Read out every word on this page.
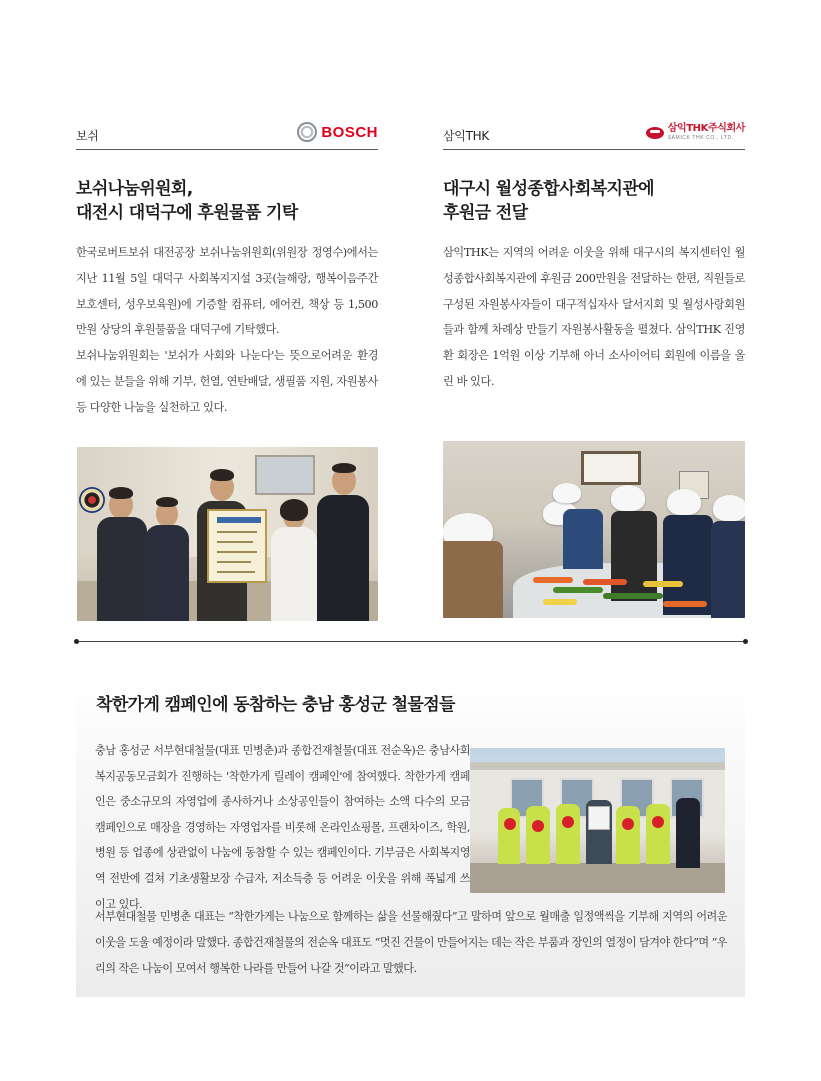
보쉬	BOSCH
보쉬나눔위원회,
대전시 대덕구에 후원물품 기탁

한국로버트보쉬 대전공장 보쉬나눔위원회(위원장 정영수)에서는 지난 11월 5일 대덕구 사회복지지설 3곳(늘해랑, 행복이음주간보호센터, 성우보육원)에 기증할 컴퓨터, 에어컨, 책상 등 1,500만원 상당의 후원물품을 대덕구에 기탁했다.

보쉬나눔위원회는 '보쉬가 사회와 나눈다'는 뜻으로어려운 환경에 있는 분들을 위해 기부, 헌열, 연탄배달, 생필품 지원, 자원봉사 등 다양한 나눔을 실천하고 있다.

삼익THK
삼익THK주식회사
SAMICK THK CO., LTD.
대구시 월성종합사회복지관에
후원금 전달

삼익THK는 지역의 어려운 이웃을 위해 대구시의 복지센터인 월성종합사회복지관에 후원금 200만원을 전달하는 한편, 직원들로 구성된 자원봉사자들이 대구적십자사 달서지회 및 월성사랑회원들과 함께 차례상 만들기 자원봉사활동을 펼쳤다. 삼익THK 진영환 회장은 1억원 이상 기부해 아너 소사이어티 회원에 이름을 올린 바 있다.

착한가게 캠페인에 동참하는 충남 홍성군 철물점들
충남 홍성군 서부현대철물(대표 민병춘)과 종합건재철물(대표 전순옥)은 충남사회복지공동모금회가 진행하는 '착한가게 릴레이 캠페인'에 참여했다. 착한가게 캠페인은 중소규모의 자영업에 종사하거나 소상공인들이 참여하는 소액 다수의 모금 캠페인으로 매장을 경영하는 자영업자를 비롯해 온라인쇼핑몰, 프랜차이즈, 학원, 병원 등 업종에 상관없이 나눔에 동참할 수 있는 캠페인이다. 기부금은 사회복지영역 전반에 걸쳐 기초생활보장 수급자, 저소득층 등 어려운 이웃을 위해 폭넓게 쓰이고 있다.
서부현대철물 민병춘 대표는 “착한가게는 나눔으로 함께하는 삶을 선물해줬다”고 말하며 앞으로 월매출 일정액씩을 기부해 지역의 어려운 이웃을 도울 예정이라 말했다. 종합건재철물의 전순옥 대표도 “멋진 건물이 만들어지는 데는 작은 부품과 장인의 열정이 담겨야 한다”며 “우리의 작은 나눔이 모여서 행복한 나라를 만들어 나갈 것”이라고 말했다.
